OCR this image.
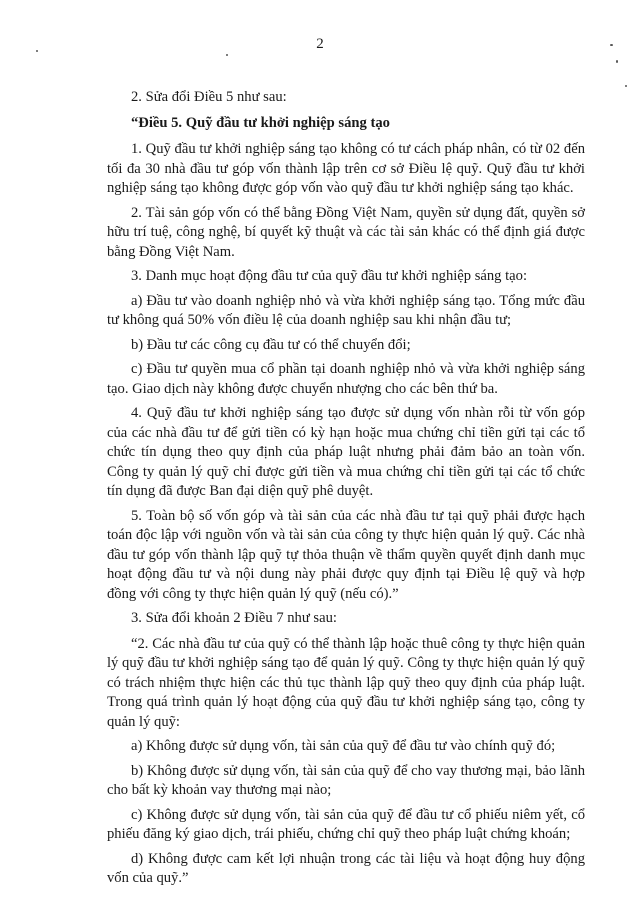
2

2. Sửa đổi Điều 5 như sau:

“Điều 5. Quỹ đầu tư khởi nghiệp sáng tạo

1. Quỹ đầu tư khởi nghiệp sáng tạo không có tư cách pháp nhân, có từ 02 đến tối đa 30 nhà đầu tư góp vốn thành lập trên cơ sở Điều lệ quỹ. Quỹ đầu tư khởi nghiệp sáng tạo không được góp vốn vào quỹ đầu tư khởi nghiệp sáng tạo khác.

2. Tài sản góp vốn có thể bằng Đồng Việt Nam, quyền sử dụng đất, quyền sở hữu trí tuệ, công nghệ, bí quyết kỹ thuật và các tài sản khác có thể định giá được bằng Đồng Việt Nam.

3. Danh mục hoạt động đầu tư của quỹ đầu tư khởi nghiệp sáng tạo:

a) Đầu tư vào doanh nghiệp nhỏ và vừa khởi nghiệp sáng tạo. Tổng mức đầu tư không quá 50% vốn điều lệ của doanh nghiệp sau khi nhận đầu tư;

b) Đầu tư các công cụ đầu tư có thể chuyển đổi;

c) Đầu tư quyền mua cổ phần tại doanh nghiệp nhỏ và vừa khởi nghiệp sáng tạo. Giao dịch này không được chuyển nhượng cho các bên thứ ba.

4. Quỹ đầu tư khởi nghiệp sáng tạo được sử dụng vốn nhàn rỗi từ vốn góp của các nhà đầu tư để gửi tiền có kỳ hạn hoặc mua chứng chỉ tiền gửi tại các tổ chức tín dụng theo quy định của pháp luật nhưng phải đảm bảo an toàn vốn. Công ty quản lý quỹ chỉ được gửi tiền và mua chứng chỉ tiền gửi tại các tổ chức tín dụng đã được Ban đại diện quỹ phê duyệt.

5. Toàn bộ số vốn góp và tài sản của các nhà đầu tư tại quỹ phải được hạch toán độc lập với nguồn vốn và tài sản của công ty thực hiện quản lý quỹ. Các nhà đầu tư góp vốn thành lập quỹ tự thỏa thuận về thẩm quyền quyết định danh mục hoạt động đầu tư và nội dung này phải được quy định tại Điều lệ quỹ và hợp đồng với công ty thực hiện quản lý quỹ (nếu có).”

3. Sửa đổi khoản 2 Điều 7 như sau:

“2. Các nhà đầu tư của quỹ có thể thành lập hoặc thuê công ty thực hiện quản lý quỹ đầu tư khởi nghiệp sáng tạo để quản lý quỹ. Công ty thực hiện quản lý quỹ có trách nhiệm thực hiện các thủ tục thành lập quỹ theo quy định của pháp luật. Trong quá trình quản lý hoạt động của quỹ đầu tư khởi nghiệp sáng tạo, công ty quản lý quỹ:

a) Không được sử dụng vốn, tài sản của quỹ để đầu tư vào chính quỹ đó;

b) Không được sử dụng vốn, tài sản của quỹ để cho vay thương mại, bảo lãnh cho bất kỳ khoản vay thương mại nào;

c) Không được sử dụng vốn, tài sản của quỹ để đầu tư cổ phiếu niêm yết, cổ phiếu đăng ký giao dịch, trái phiếu, chứng chỉ quỹ theo pháp luật chứng khoán;

d) Không được cam kết lợi nhuận trong các tài liệu và hoạt động huy động vốn của quỹ.”
